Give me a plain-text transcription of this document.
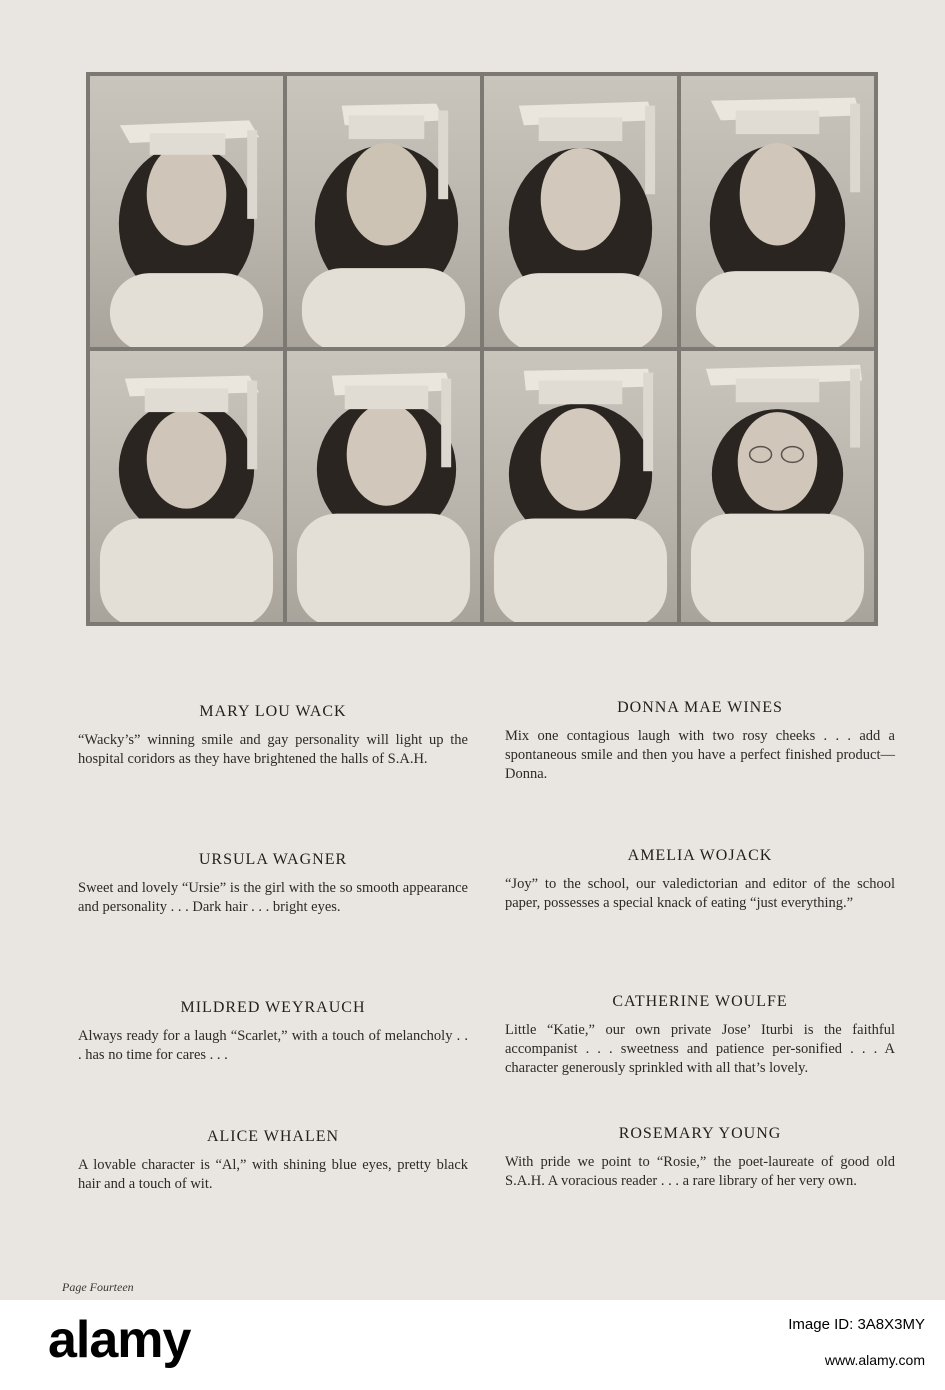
MARY LOU WACK

“Wacky’s” winning smile and gay personality will light up the hospital coridors as they have brightened the halls of S.A.H.

DONNA MAE WINES

Mix one contagious laugh with two rosy cheeks . . . add a spontaneous smile and then you have a perfect finished product—Donna.

URSULA WAGNER

Sweet and lovely “Ursie” is the girl with the so smooth appearance and personality . . . Dark hair . . . bright eyes.

AMELIA WOJACK

“Joy” to the school, our valedictorian and editor of the school paper, possesses a special knack of eating “just everything.”

MILDRED WEYRAUCH

Always ready for a laugh “Scarlet,” with a touch of melancholy . . . has no time for cares . . .

CATHERINE WOULFE

Little “Katie,” our own private Jose’ Iturbi is the faithful accompanist . . . sweetness and patience per-sonified . . . A character generously sprinkled with all that’s lovely.

ALICE WHALEN

A lovable character is “Al,” with shining blue eyes, pretty black hair and a touch of wit.

ROSEMARY YOUNG

With pride we point to “Rosie,” the poet-laureate of good old S.A.H. A voracious reader . . . a rare library of her very own.

Page Fourteen
alamy	Image ID: 3A8X3MY
www.alamy.com
